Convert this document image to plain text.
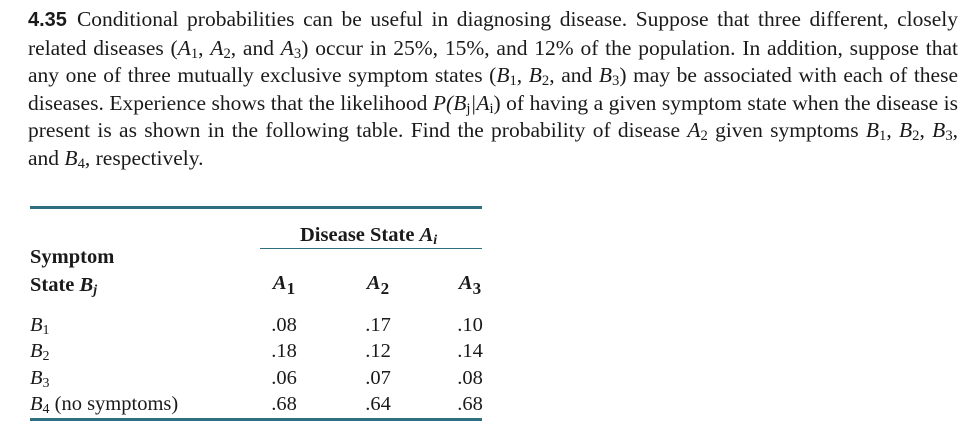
4.35 Conditional probabilities can be useful in diagnosing disease. Suppose that three different, closely related diseases ($A_1$, $A_2$, and $A_3$) occur in 25%, 15%, and 12% of the population. In addition, suppose that any one of three mutually exclusive symptom states ($B_1$, $B_2$, and $B_3$) may be associated with each of these diseases. Experience shows that the likelihood $P(B_j|A_i)$ of having a given symptom state when the disease is present is as shown in the following table. Find the probability of disease $A_2$ given symptoms $B_1$, $B_2$, $B_3$, and $B_4$, respectively.
Disease State $A_i$
Symptom
State $B_j$	$A_1$	$A_2$	$A_3$
$B_1$	.08	.17	.10
$B_2$	.18	.12	.14
$B_3$	.06	.07	.08
$B_4$ (no symptoms)	.68	.64	.68
